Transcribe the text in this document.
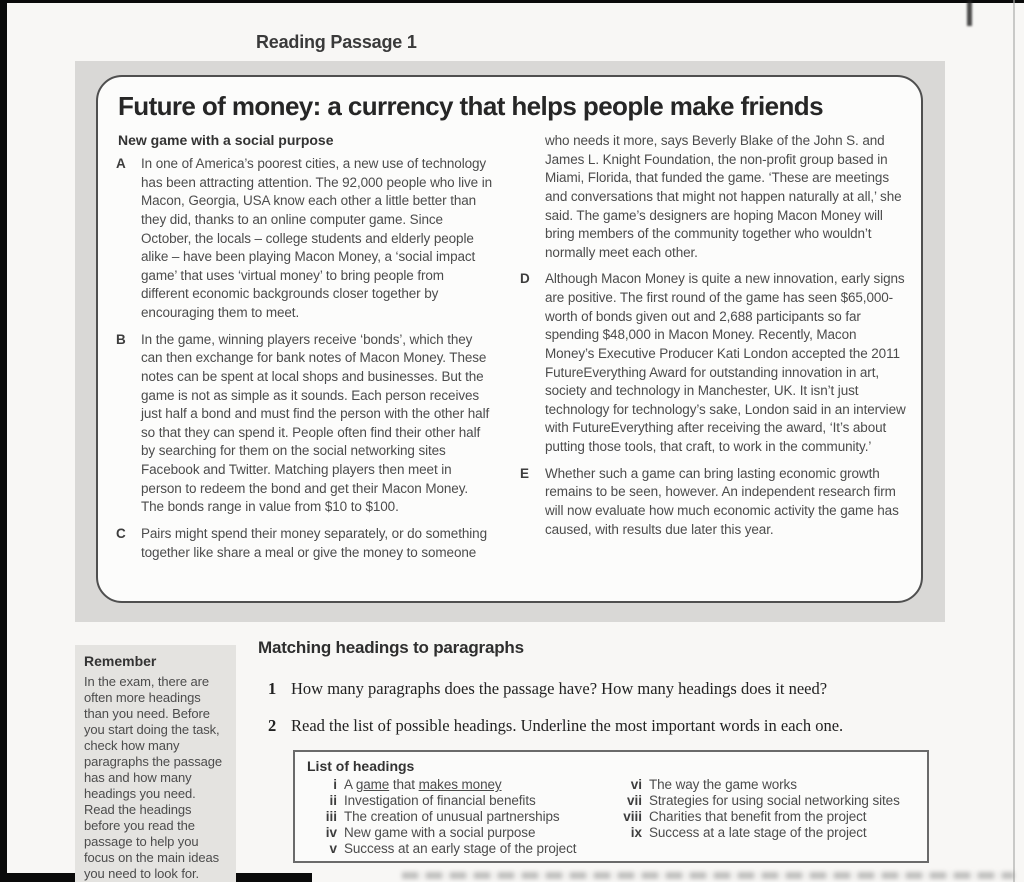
Reading Passage 1
Future of money: a currency that helps people make friends
New game with a social purpose
A	In one of America’s poorest cities, a new use of technology has been attracting attention. The 92,000 people who live in Macon, Georgia, USA know each other a little better than they did, thanks to an online computer game. Since October, the locals – college students and elderly people alike – have been playing Macon Money, a ‘social impact game’ that uses ‘virtual money’ to bring people from different economic backgrounds closer together by encouraging them to meet.
B	In the game, winning players receive ‘bonds’, which they can then exchange for bank notes of Macon Money. These notes can be spent at local shops and businesses. But the game is not as simple as it sounds. Each person receives just half a bond and must find the person with the other half so that they can spend it. People often find their other half by searching for them on the social networking sites Facebook and Twitter. Matching players then meet in person to redeem the bond and get their Macon Money. The bonds range in value from $10 to $100.
C	Pairs might spend their money separately, or do something together like share a meal or give the money to someone
who needs it more, says Beverly Blake of the John S. and James L. Knight Foundation, the non-profit group based in Miami, Florida, that funded the game. ‘These are meetings and conversations that might not happen naturally at all,’ she said. The game’s designers are hoping Macon Money will bring members of the community together who wouldn’t normally meet each other.
D	Although Macon Money is quite a new innovation, early signs are positive. The first round of the game has seen $65,000-worth of bonds given out and 2,688 participants so far spending $48,000 in Macon Money. Recently, Macon Money’s Executive Producer Kati London accepted the 2011 FutureEverything Award for outstanding innovation in art, society and technology in Manchester, UK. It isn’t just technology for technology’s sake, London said in an interview with FutureEverything after receiving the award, ‘It’s about putting those tools, that craft, to work in the community.’
E	Whether such a game can bring lasting economic growth remains to be seen, however. An independent research firm will now evaluate how much economic activity the game has caused, with results due later this year.
Remember
In the exam, there are often more headings than you need. Before you start doing the task, check how many paragraphs the passage has and how many headings you need. Read the headings before you read the passage to help you focus on the main ideas you need to look for.
Matching headings to paragraphs
1 How many paragraphs does the passage have? How many headings does it need?
2 Read the list of possible headings. Underline the most important words in each one.
List of headings
i A game that makes money
ii Investigation of financial benefits
iii The creation of unusual partnerships
iv New game with a social purpose
v Success at an early stage of the project
vi The way the game works
vii Strategies for using social networking sites
viii Charities that benefit from the project
ix Success at a late stage of the project
